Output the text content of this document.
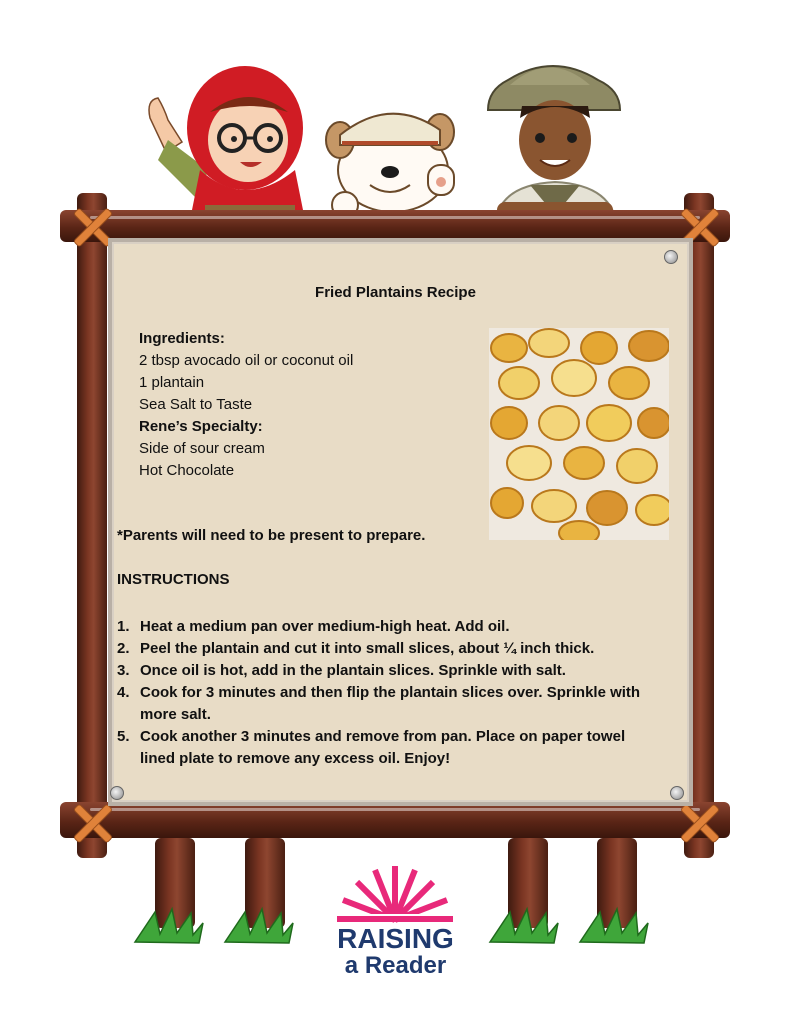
Fried Plantains Recipe
Ingredients:
2 tbsp avocado oil or coconut oil
1 plantain
Sea Salt to Taste
Rene’s Specialty:
Side of sour cream
Hot Chocolate
*Parents will need to be present to prepare.
INSTRUCTIONS
1. Heat a medium pan over medium-high heat. Add oil.
2. Peel the plantain and cut it into small slices, about ¼ inch thick.
3. Once oil is hot, add in the plantain slices. Sprinkle with salt.
4. Cook for 3 minutes and then flip the plantain slices over. Sprinkle with
more salt.
5. Cook another 3 minutes and remove from pan. Place on paper towel
lined plate to remove any excess oil. Enjoy!
RAISING
a Reader
